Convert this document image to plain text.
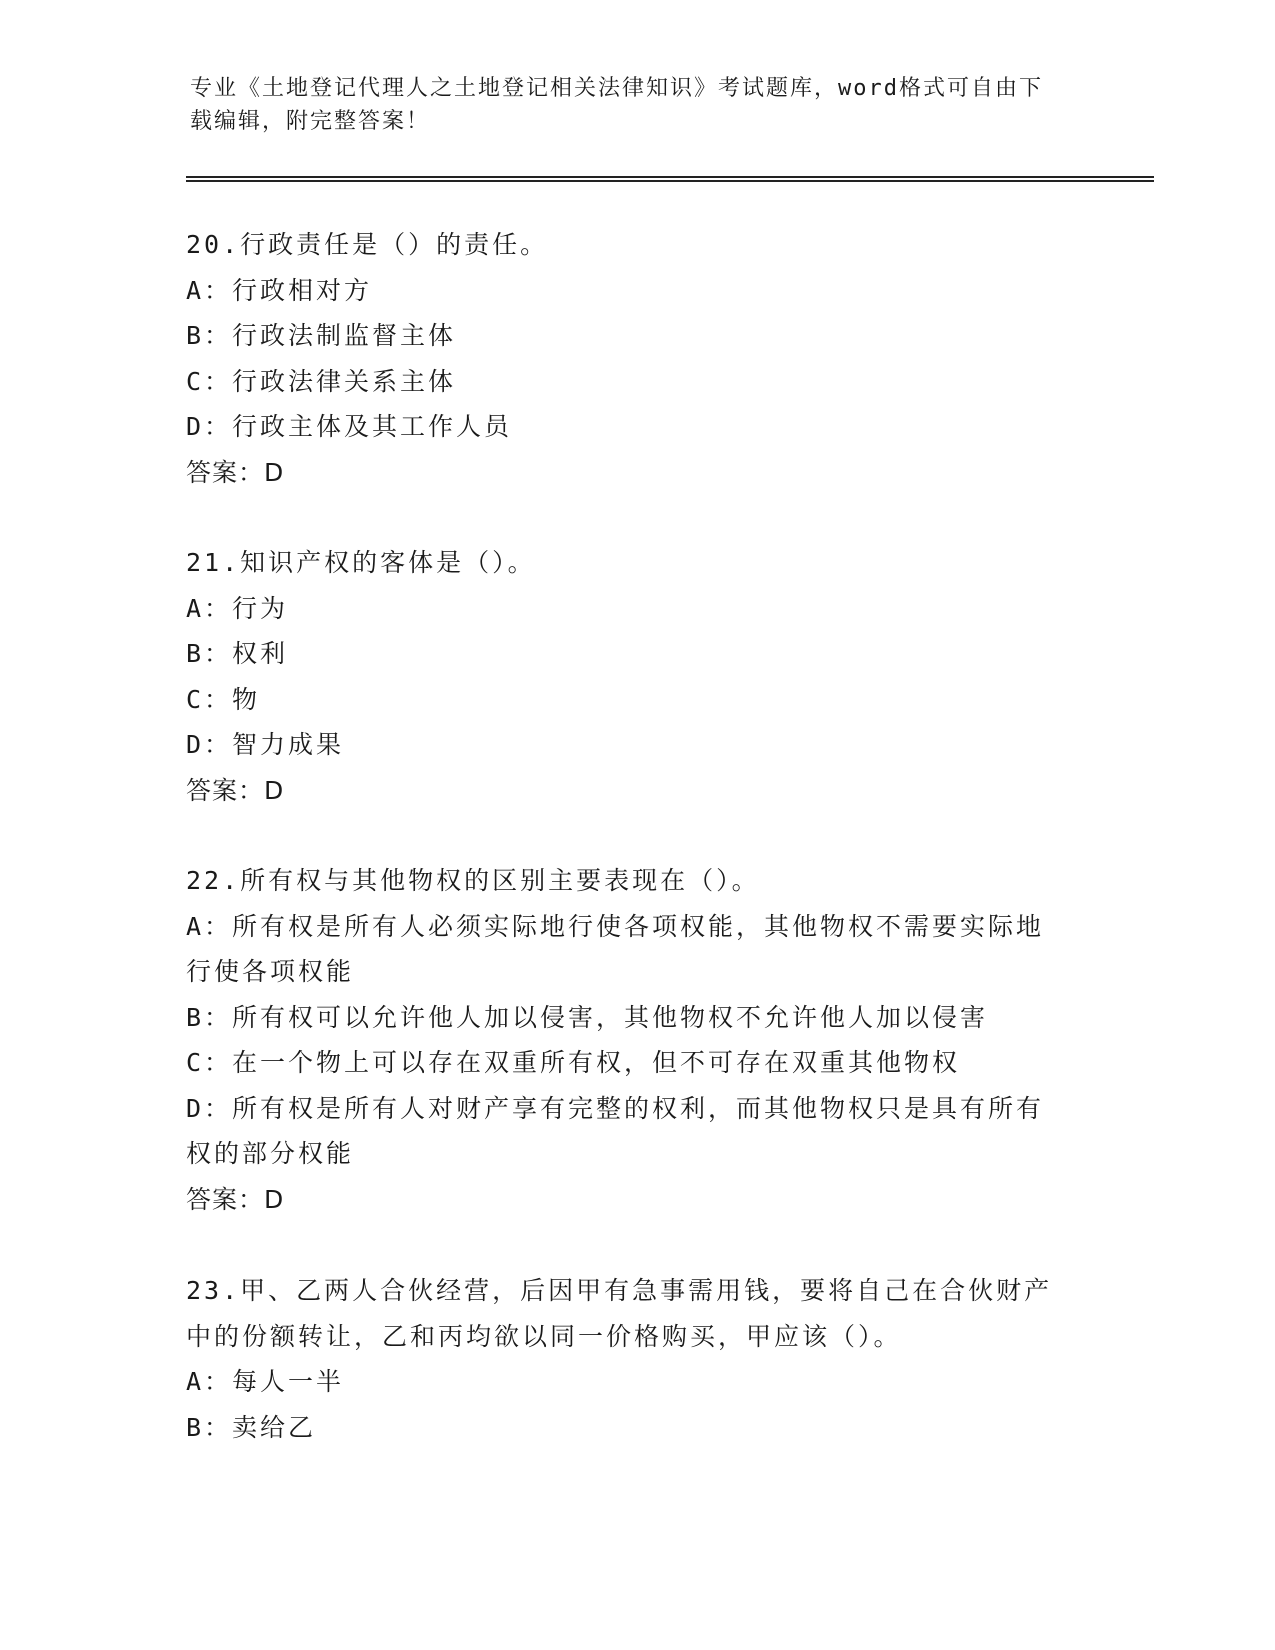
专业《土地登记代理人之土地登记相关法律知识》考试题库，word格式可自由下
载编辑，附完整答案！
20.行政责任是（）的责任。
A：行政相对方
B：行政法制监督主体
C：行政法律关系主体
D：行政主体及其工作人员
答案：D
21.知识产权的客体是（）。
A：行为
B：权利
C：物
D：智力成果
答案：D
22.所有权与其他物权的区别主要表现在（）。
A：所有权是所有人必须实际地行使各项权能，其他物权不需要实际地
行使各项权能
B：所有权可以允许他人加以侵害，其他物权不允许他人加以侵害
C：在一个物上可以存在双重所有权，但不可存在双重其他物权
D：所有权是所有人对财产享有完整的权利，而其他物权只是具有所有
权的部分权能
答案：D
23.甲、乙两人合伙经营，后因甲有急事需用钱，要将自己在合伙财产
中的份额转让，乙和丙均欲以同一价格购买，甲应该（）。
A：每人一半
B：卖给乙
